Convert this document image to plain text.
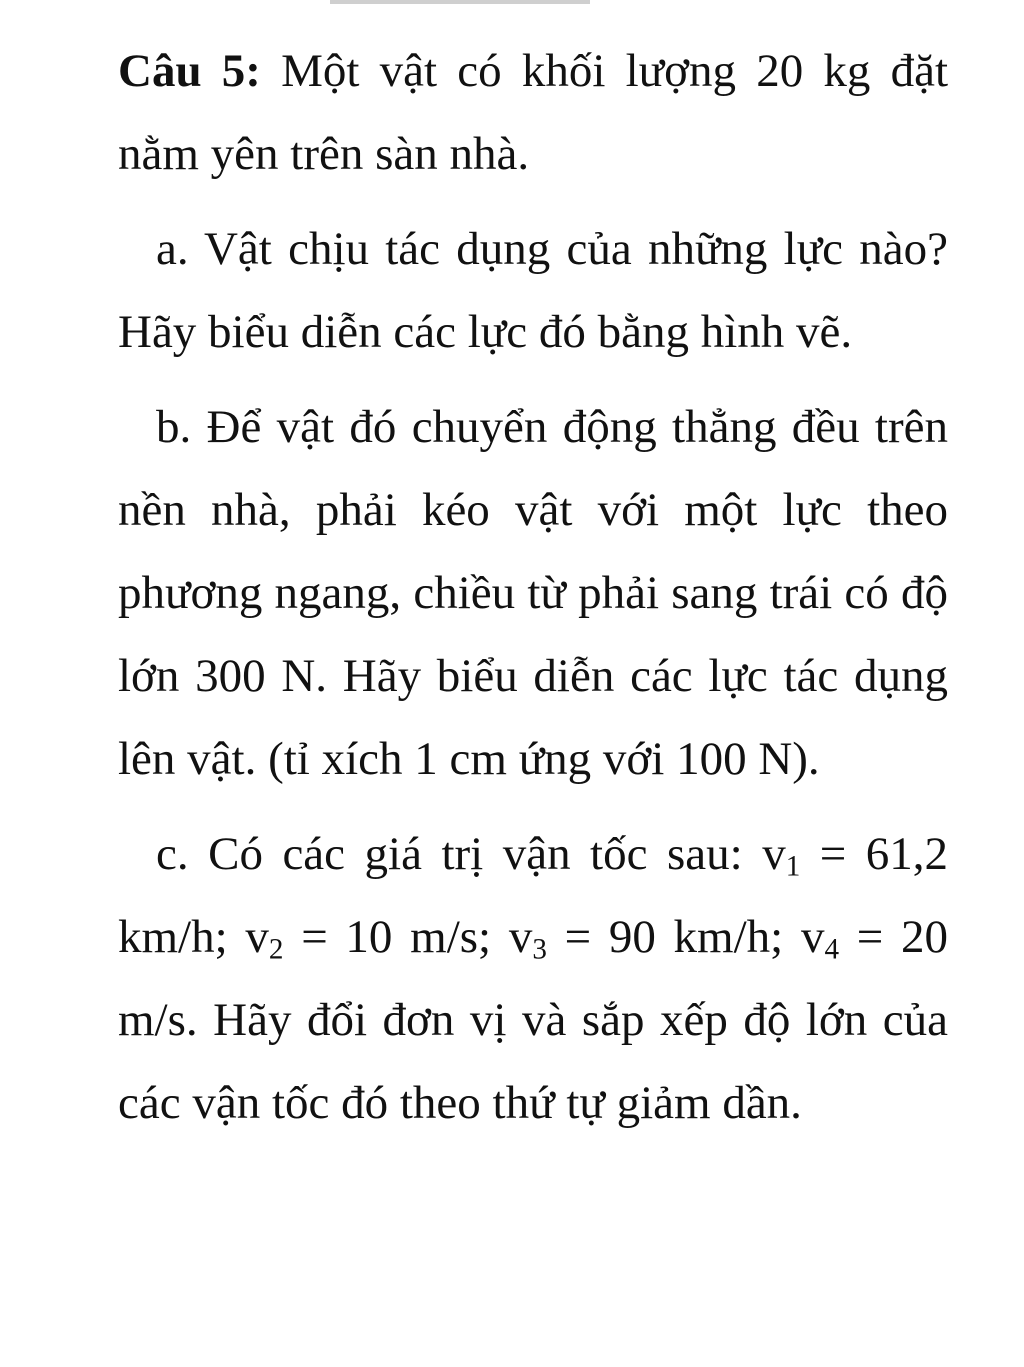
Câu 5: Một vật có khối lượng 20 kg đặt nằm yên trên sàn nhà.

a. Vật chịu tác dụng của những lực nào? Hãy biểu diễn các lực đó bằng hình vẽ.

b. Để vật đó chuyển động thẳng đều trên nền nhà, phải kéo vật với một lực theo phương ngang, chiều từ phải sang trái có độ lớn 300 N. Hãy biểu diễn các lực tác dụng lên vật. (tỉ xích 1 cm ứng với 100 N).

c. Có các giá trị vận tốc sau: $v_1 = 61,2$ km/h; $v_2 = 10$ m/s; $v_3 = 90$ km/h; $v_4 = 20$ m/s. Hãy đổi đơn vị và sắp xếp độ lớn của các vận tốc đó theo thứ tự giảm dần.
